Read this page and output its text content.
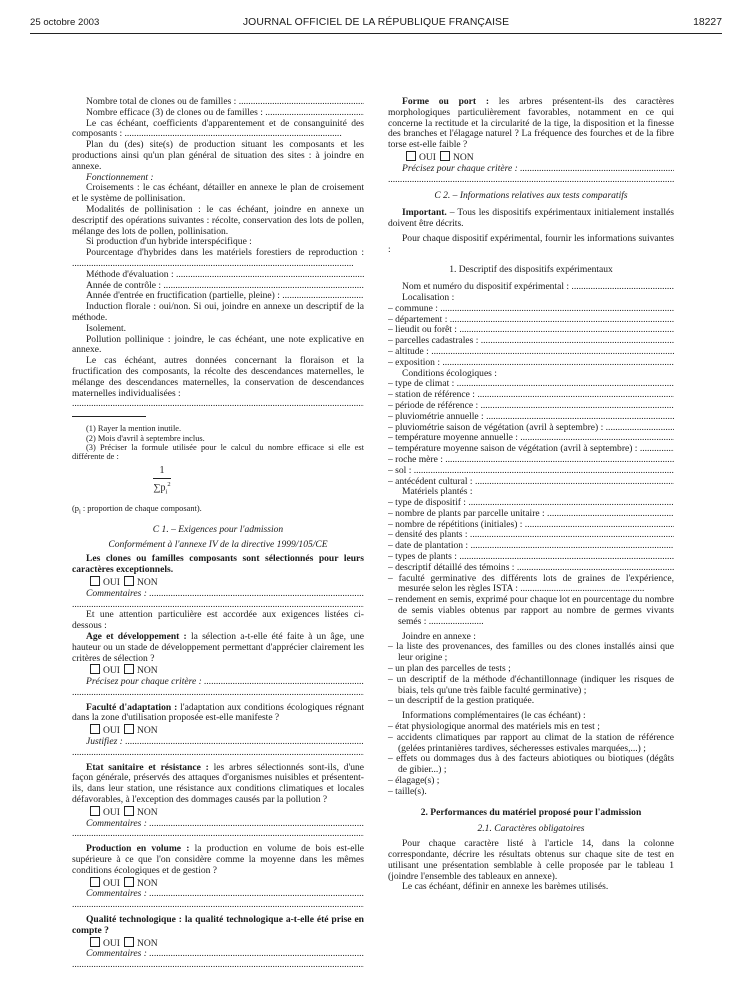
25 octobre 2003	JOURNAL OFFICIEL DE LA RÉPUBLIQUE FRANÇAISE	18227
Nombre total de clones ou de familles : .....
Nombre efficace (3) de clones ou de familles : .....

Le cas échéant, coefficients d'apparentement et de consanguinité des composants : ...........................................................................................

Plan du (des) site(s) de production situant les composants et les productions ainsi qu'un plan général de situation des sites : à joindre en annexe.

Fonctionnement :

Croisements : le cas échéant, détailler en annexe le plan de croisement et le système de pollinisation.

Modalités de pollinisation : le cas échéant, joindre en annexe un descriptif des opérations suivantes : récolte, conservation des lots de pollen, mélange des lots de pollen, pollinisation.

Si production d'un hybride interspécifique :

Pourcentage d'hybrides dans les matériels forestiers de reproduction : ......................................................................................................................

Méthode d'évaluation : .....
Année de contrôle : .....
Année d'entrée en fructification (partielle, pleine) : .....

Induction florale : oui/non. Si oui, joindre en annexe un descriptif de la méthode.

Isolement.

Pollution pollinique : joindre, le cas échéant, une note explicative en annexe.

Le cas échéant, autres données concernant la floraison et la fructification des composants, la récolte des descendances maternelles, le mélange des descendances maternelles, la conservation de descendances maternelles individualisées :

.....

(1) Rayer la mention inutile.

(2) Mois d'avril à septembre inclus.

(3) Préciser la formule utilisée pour le calcul du nombre efficace si elle est différente de :

$\frac{1}{\sum p_i^2}$

($p_i$ : proportion de chaque composant).

C 1. – Exigences pour l'admission

Conformément à l'annexe IV de la directive 1999/105/CE

Les clones ou familles composants sont sélectionnés pour leurs caractères exceptionnels.

OUI NON
Commentaires : .....
.....

Et une attention particulière est accordée aux exigences listées ci-dessous :

Age et développement : la sélection a-t-elle été faite à un âge, une hauteur ou un stade de développement permettant d'apprécier clairement les critères de sélection ?

OUI NON
Précisez pour chaque critère : .....
.....

Faculté d'adaptation : l'adaptation aux conditions écologiques régnant dans la zone d'utilisation proposée est-elle manifeste ?

OUI NON
Justifiez : .....
.....

Etat sanitaire et résistance : les arbres sélectionnés sont-ils, d'une façon générale, préservés des attaques d'organismes nuisibles et présentent-ils, dans leur station, une résistance aux conditions climatiques et locales défavorables, à l'exception des dommages causés par la pollution ?

OUI NON
Commentaires : .....
.....

Production en volume : la production en volume de bois est-elle supérieure à ce que l'on considère comme la moyenne dans les mêmes conditions écologiques et de gestion ?

OUI NON
Commentaires : .....
.....

Qualité technologique : la qualité technologique a-t-elle été prise en compte ?

OUI NON
Commentaires : .....
.....

Forme ou port : les arbres présentent-ils des caractères morphologiques particulièrement favorables, notamment en ce qui concerne la rectitude et la circularité de la tige, la disposition et la finesse des branches et l'élagage naturel ? La fréquence des fourches et de la fibre torse est-elle faible ?

OUI NON
Précisez pour chaque critère : .....
.....

C 2. – Informations relatives aux tests comparatifs

Important. – Tous les dispositifs expérimentaux initialement installés doivent être décrits.

Pour chaque dispositif expérimental, fournir les informations suivantes :

1. Descriptif des dispositifs expérimentaux

Nom et numéro du dispositif expérimental : .....

Localisation :

– commune : .....
– département : .....
– lieudit ou forêt : .....
– parcelles cadastrales : .....
– altitude : .....
– exposition : .....

Conditions écologiques :

– type de climat : .....
– station de référence : .....
– période de référence : .....
– pluviométrie annuelle : .....
– pluviométrie saison de végétation (avril à septembre) : .....
– température moyenne annuelle : .....
– température moyenne saison de végétation (avril à septembre) : .....
– roche mère : .....
– sol : .....
– antécédent cultural : .....

Matériels plantés :

– type de dispositif : .....
– nombre de plants par parcelle unitaire : .....
– nombre de répétitions (initiales) : .....
– densité des plants : .....
– date de plantation : .....
– types de plants : .....
– descriptif détaillé des témoins : .....

– faculté germinative des différents lots de graines de l'expérience, mesurée selon les règles ISTA : ....................................................

– rendement en semis, exprimé pour chaque lot en pourcentage du nombre de semis viables obtenus par rapport au nombre de germes vivants semés : .......................

Joindre en annexe :

– la liste des provenances, des familles ou des clones installés ainsi que leur origine ;

– un plan des parcelles de tests ;

– un descriptif de la méthode d'échantillonnage (indiquer les risques de biais, tels qu'une très faible faculté germinative) ;

– un descriptif de la gestion pratiquée.

Informations complémentaires (le cas échéant) :

– état physiologique anormal des matériels mis en test ;

– accidents climatiques par rapport au climat de la station de référence (gelées printanières tardives, sécheresses estivales marquées,...) ;

– effets ou dommages dus à des facteurs abiotiques ou biotiques (dégâts de gibier...) ;

– élagage(s) ;

– taille(s).

2. Performances du matériel proposé pour l'admission

2.1. Caractères obligatoires

Pour chaque caractère listé à l'article 14, dans la colonne correspondante, décrire les résultats obtenus sur chaque site de test en utilisant une présentation semblable à celle proposée par le tableau 1 (joindre l'ensemble des tableaux en annexe).

Le cas échéant, définir en annexe les barèmes utilisés.
